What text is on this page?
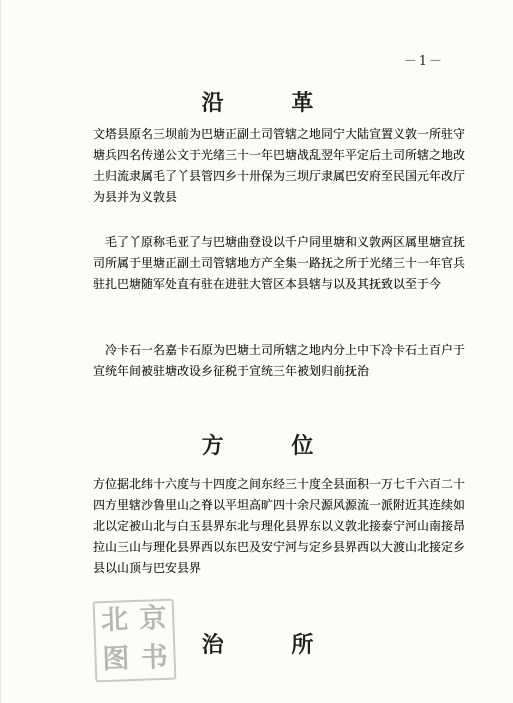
－1－
沿 革
文塔县原名三坝前为巴塘正副土司管辖之地同宁大陆宣置义敦一所驻守塘兵四名传递公文于光绪三十一年巴塘战乱翌年平定后土司所辖之地改土归流隶属毛了丫县管四乡十卅保为三坝厅隶属巴安府至民国元年改厅为县并为义敦县
毛了丫原称毛亚了与巴塘曲登设以千户同里塘和义敦两区属里塘宣抚司所属于里塘正副土司管辖地方产全集一路抚之所于光绪三十一年官兵驻扎巴塘随军处直有驻在进驻大管区本县辖与以及其抚致以至于今
冷卡石一名嘉卡石原为巴塘土司所辖之地内分上中下冷卡石土百户于宣统年间被驻塘改设乡征税于宣统三年被划归前抚治
方 位
方位据北纬十六度与十四度之间东经三十度全县面积一万七千六百二十四方里辖沙鲁里山之脊以平坦高旷四十余尺源风源流一派附近其连续如北以定被山北与白玉县界东北与理化县界东以义敦北接泰宁河山南接昂拉山三山与理化县界西以东巴及安宁河与定乡县界西以大渡山北接定乡县以山顶与巴安县界
北 京
图 书	治 所
